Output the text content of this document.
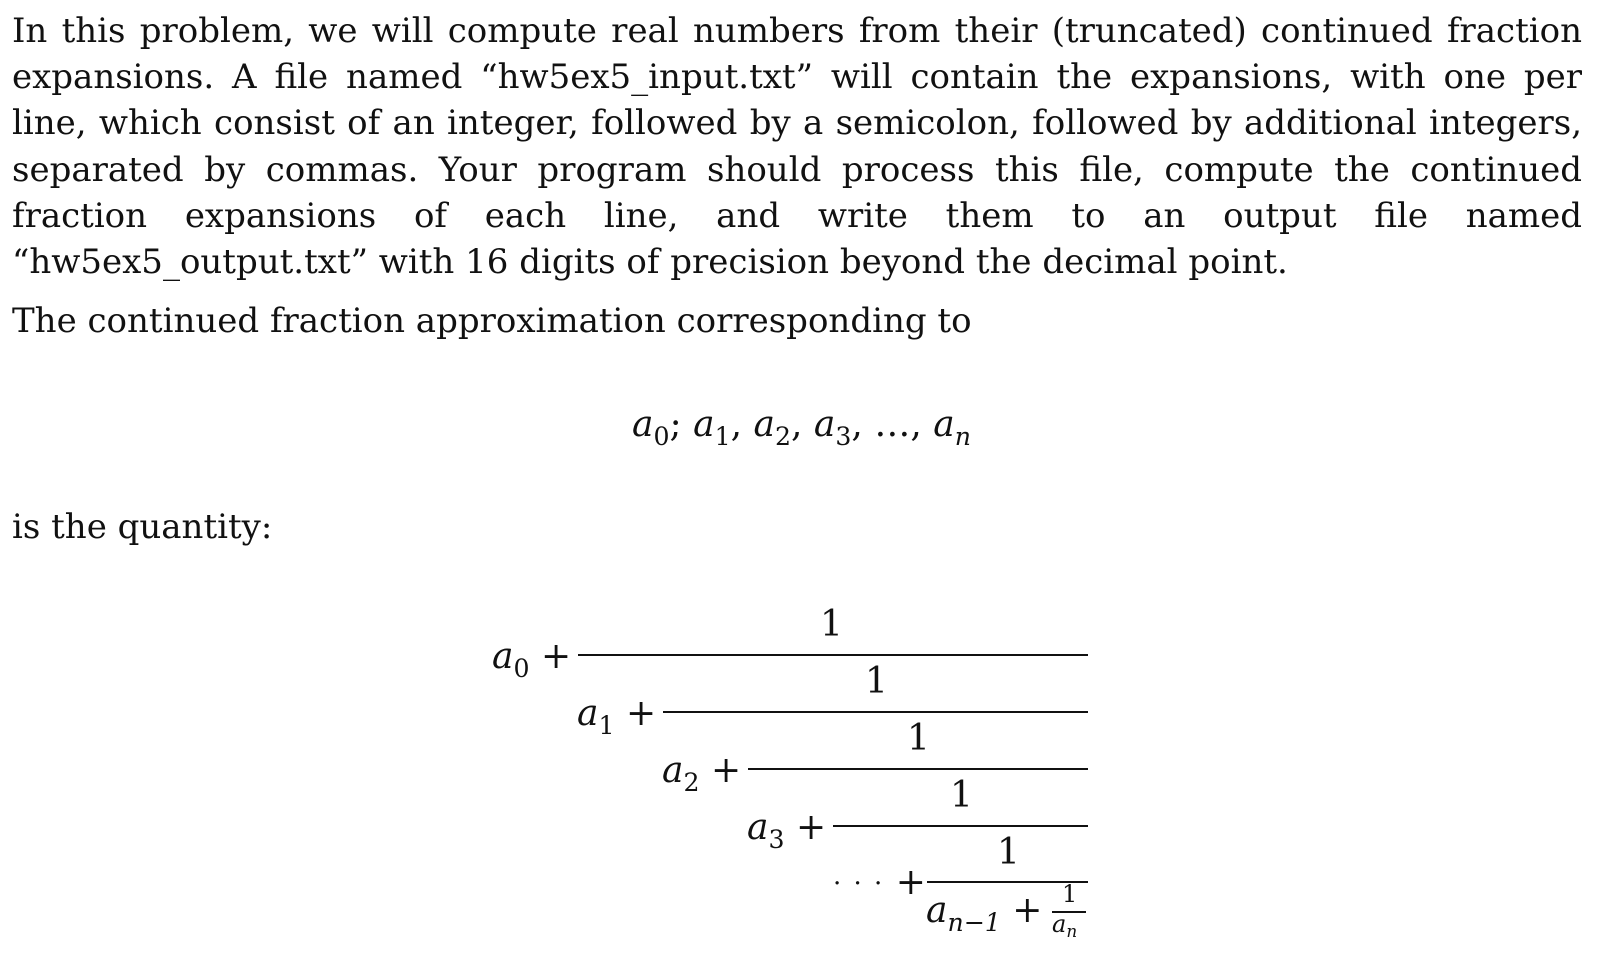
In this problem, we will compute real numbers from their (truncated) continued fraction expansions. A file named “hw5ex5_input.txt” will contain the expansions, with one per line, which consist of an integer, followed by a semicolon, followed by additional integers, separated by commas. Your program should process this file, compute the continued fraction expansions of each line, and write them to an output file named “hw5ex5_output.txt” with 16 digits of precision beyond the decimal point.

The continued fraction approximation corresponding to

$a_0$; $a_1$, $a_2$, $a_3$, …, $a_n$

is the quantity:

1
$a_0$ +
1
$a_1$ +
1
$a_2$ +
1
$a_3$ +
1
· · · +
$a_{n-1} + 1$
$a_n$
